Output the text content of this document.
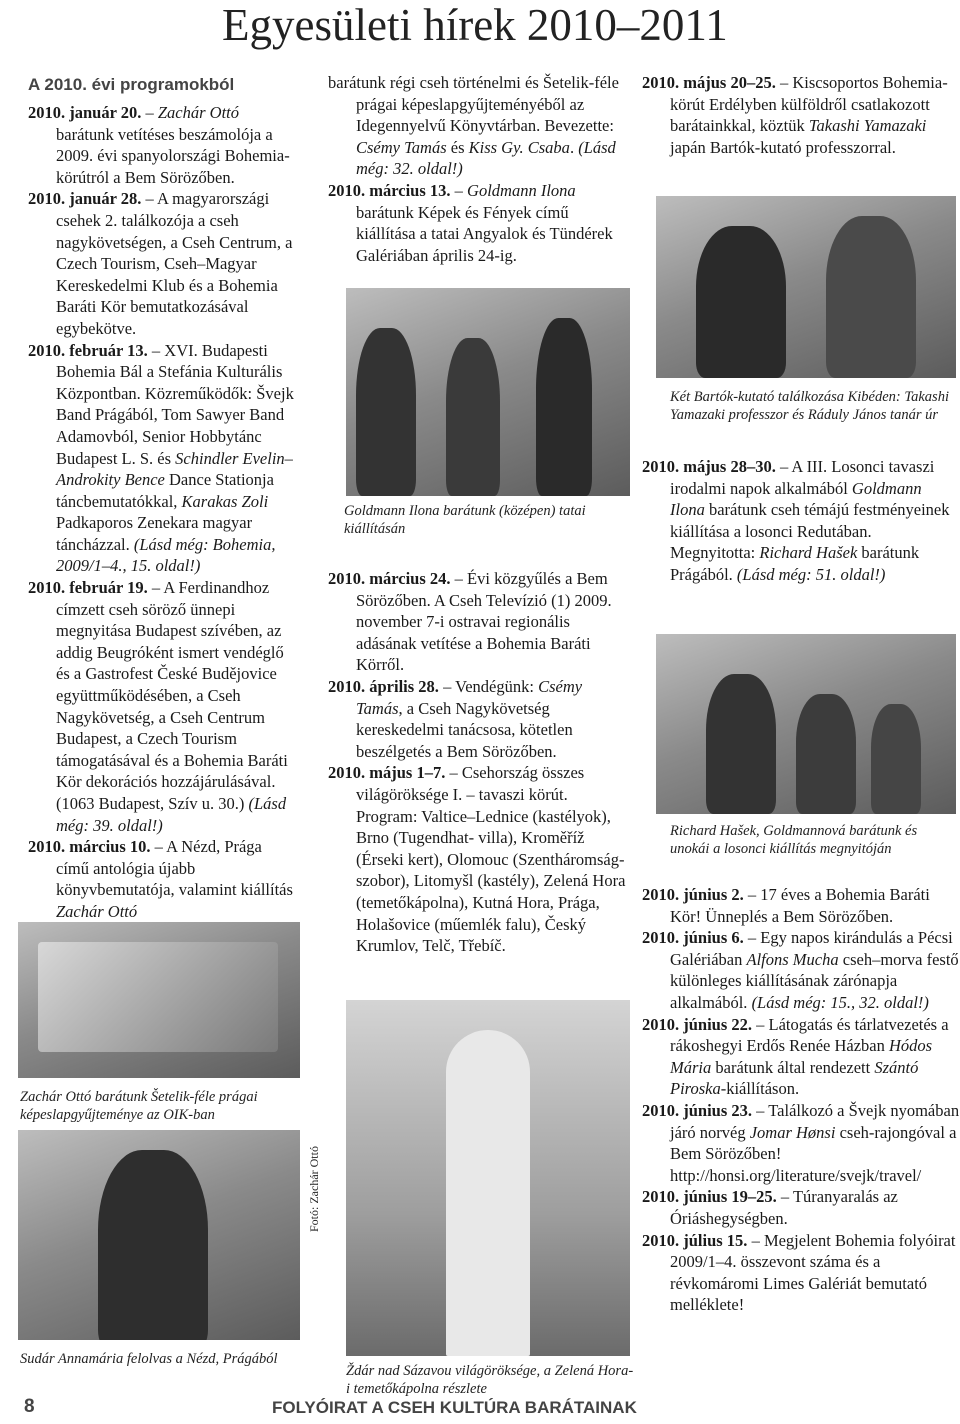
Egyesületi hírek 2010–2011
A 2010. évi programokból

2010. január 20. – Zachár Ottó barátunk vetítéses beszámolója a 2009. évi spanyolországi Bohemia-körútról a Bem Sörözőben.

2010. január 28. – A magyarországi csehek 2. találkozója a cseh nagykövetségen, a Cseh Centrum, a Czech Tourism, Cseh–Magyar Kereskedelmi Klub és a Bohemia Baráti Kör bemutatkozásával egybekötve.

2010. február 13. – XVI. Budapesti Bohemia Bál a Stefánia Kulturális Központban. Közreműködők: Švejk Band Prágából, Tom Sawyer Band Adamovból, Senior Hobbytánc Budapest L. S. és Schindler Evelin–Androkity Bence Dance Stationja táncbemutatókkal, Karakas Zoli Padkaporos Zenekara magyar táncházzal. (Lásd még: Bohemia, 2009/1–4., 15. oldal!)

2010. február 19. – A Ferdinandhoz címzett cseh söröző ünnepi megnyitása Budapest szívében, az addig Beugróként ismert vendéglő és a Gastrofest České Budějovice együttműködésében, a Cseh Nagykövetség, a Cseh Centrum Budapest, a Czech Tourism támogatásával és a Bohemia Baráti Kör dekorációs hozzájárulásával. (1063 Budapest, Szív u. 30.) (Lásd még: 39. oldal!)

2010. március 10. – A Nézd, Prága című antológia újabb könyvbemutatója, valamint kiállítás Zachár Ottó

Zachár Ottó barátunk Šetelik-féle prágai képeslapgyűjteménye az OIK-ban
Fotó: Zachár Ottó
Sudár Annamária felolvas a Nézd, Prágából

barátunk régi cseh történelmi és Šetelik-féle prágai képeslapgyűjteményéből az Idegennyelvű Könyvtárban. Bevezette: Csémy Tamás és Kiss Gy. Csaba. (Lásd még: 32. oldal!)

2010. március 13. – Goldmann Ilona barátunk Képek és Fények című kiállítása a tatai Angyalok és Tündérek Galériában április 24-ig.

Goldmann Ilona barátunk (középen) tatai kiállításán

2010. március 24. – Évi közgyűlés a Bem Sörözőben. A Cseh Televízió (1) 2009. november 7-i ostravai regionális adásának vetítése a Bohemia Baráti Körről.

2010. április 28. – Vendégünk: Csémy Tamás, a Cseh Nagykövetség kereskedelmi tanácsosa, kötetlen beszélgetés a Bem Sörözőben.

2010. május 1–7. – Csehország összes világöröksége I. – tavaszi körút. Program: Valtice–Lednice (kastélyok), Brno (Tugendhat- villa), Kroměříž (Érseki kert), Olomouc (Szentháromság-szobor), Litomyšl (kastély), Zelená Hora (temetőkápolna), Kutná Hora, Prága, Holašovice (műemlék falu), Český Krumlov, Telč, Třebíč.

Ždár nad Sázavou világöröksége, a Zelená Hora-i temetőkápolna részlete

2010. május 20–25. – Kiscsoportos Bohemia-körút Erdélyben külföldről csatlakozott barátainkkal, köztük Takashi Yamazaki japán Bartók-kutató professzorral.

Két Bartók-kutató találkozása Kibéden: Takashi Yamazaki professzor és Ráduly János tanár úr

2010. május 28–30. – A III. Losonci tavaszi irodalmi napok alkalmából Goldmann Ilona barátunk cseh témájú festményeinek kiállítása a losonci Redutában. Megnyitotta: Richard Hašek barátunk Prágából. (Lásd még: 51. oldal!)

Richard Hašek, Goldmannová barátunk és unokái a losonci kiállítás megnyitóján

2010. június 2. – 17 éves a Bohemia Baráti Kör! Ünneplés a Bem Sörözőben.

2010. június 6. – Egy napos kirándulás a Pécsi Galériában Alfons Mucha cseh–morva festő különleges kiállításának zárónapja alkalmából. (Lásd még: 15., 32. oldal!)

2010. június 22. – Látogatás és tárlatvezetés a rákoshegyi Erdős Renée Házban Hódos Mária barátunk által rendezett Szántó Piroska-kiállításon.

2010. június 23. – Találkozó a Švejk nyomában járó norvég Jomar Hønsi cseh-rajongóval a Bem Sörözőben! http://honsi.org/literature/svejk/travel/

2010. június 19–25. – Túranyaralás az Óriáshegységben.

2010. július 15. – Megjelent Bohemia folyóirat 2009/1–4. összevont száma és a révkomáromi Limes Galériát bemutató melléklete!

8	FOLYÓIRAT A CSEH KULTÚRA BARÁTAINAK
